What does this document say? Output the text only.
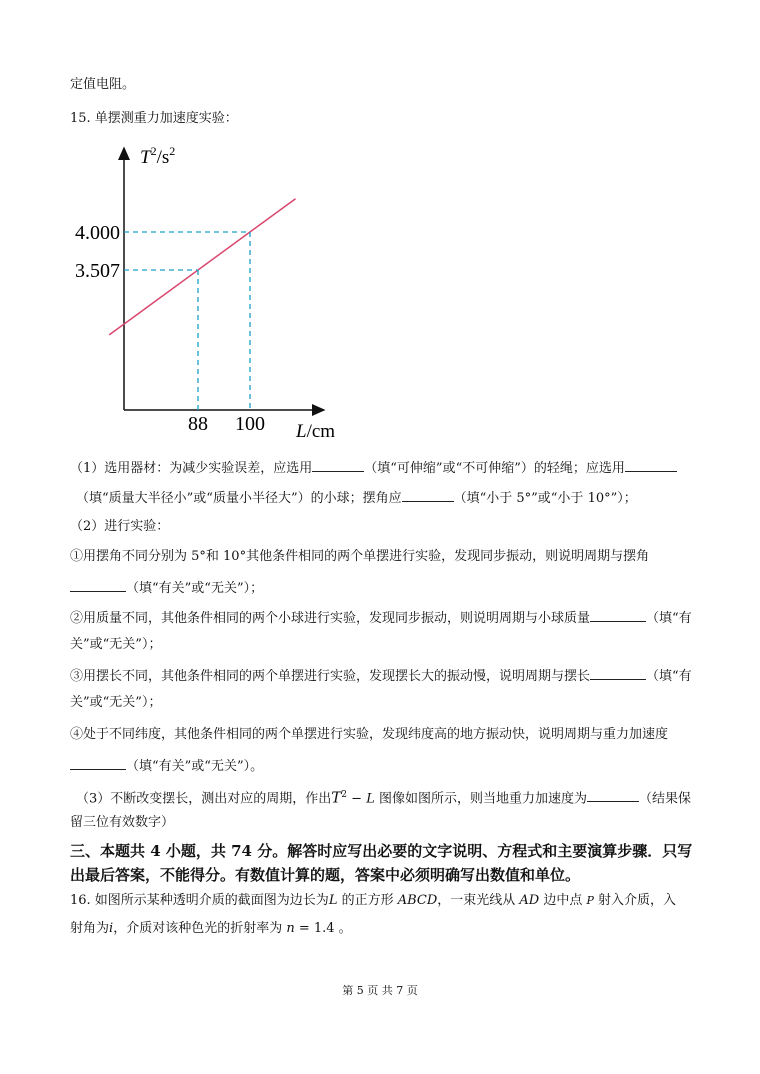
定值电阻。
15. 单摆测重力加速度实验：
$T^2/s^2$
L/cm
3.507
4.000
88 100
（1）选用器材：为减少实验误差，应选用	（填“可伸缩”或“不可伸缩”）的轻绳；应选用
（填“质量大半径小”或“质量小半径大”）的小球；摆角应	（填“小于 5°”或“小于 10°”）；
（2）进行实验：
①用摆角不同分别为 5°和 10°其他条件相同的两个单摆进行实验，发现同步振动，则说明周期与摆角
（填“有关”或“无关”）；
②用质量不同，其他条件相同的两个小球进行实验，发现同步振动，则说明周期与小球质量	（填“有
关”或“无关”）；
③用摆长不同，其他条件相同的两个单摆进行实验，发现摆长大的振动慢，说明周期与摆长	（填“有
关”或“无关”）；
④处于不同纬度，其他条件相同的两个单摆进行实验，发现纬度高的地方振动快，说明周期与重力加速度
（填“有关”或“无关”）。
（3）不断改变摆长，测出对应的周期，作出$T^2 - L$ 图像如图所示，则当地重力加速度为	（结果保
留三位有效数字）
三、本题共 4 小题，共 74 分。解答时应写出必要的文字说明、方程式和主要演算步骤．只写
出最后答案，不能得分。有数值计算的题，答案中必须明确写出数值和单位。
16. 如图所示某种透明介质的截面图为边长为L 的正方形 ABCD，一束光线从 AD 边中点 P 射入介质，入
射角为i，介质对该种色光的折射率为 n = 1.4 。
第 5 页 共 7 页
